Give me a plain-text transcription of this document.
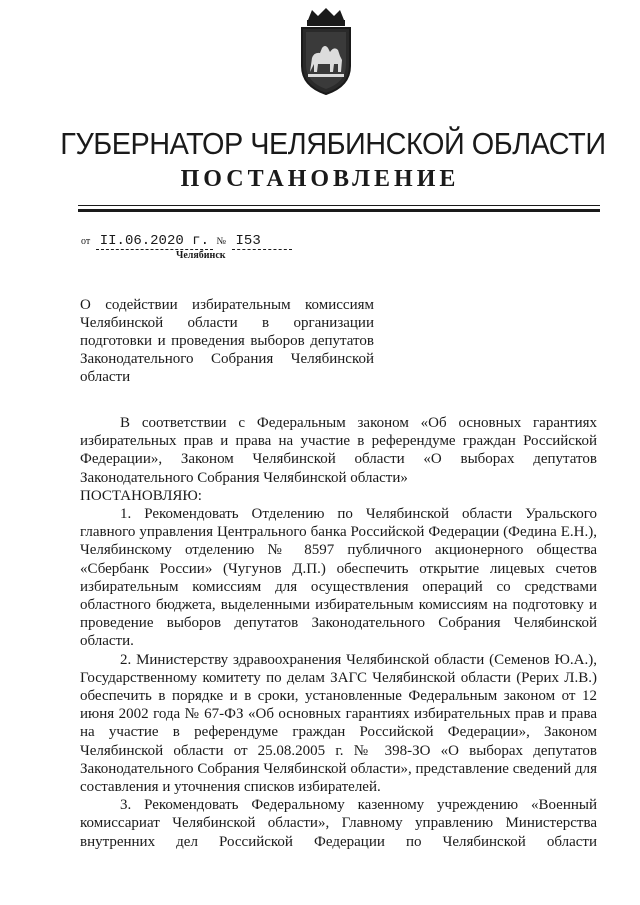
ГУБЕРНАТОР ЧЕЛЯБИНСКОЙ ОБЛАСТИ
ПОСТАНОВЛЕНИЕ
от II.06.2020 г. № I53
Челябинск
О содействии избирательным комиссиям Челябинской области в организации подготовки и проведения выборов депутатов Законодательного Собрания Челябинской области

В соответствии с Федеральным законом «Об основных гарантиях избирательных прав и права на участие в референдуме граждан Российской Федерации», Законом Челябинской области «О выборах депутатов Законодательного Собрания Челябинской области»

ПОСТАНОВЛЯЮ:

1. Рекомендовать Отделению по Челябинской области Уральского главного управления Центрального банка Российской Федерации (Федина Е.Н.), Челябинскому отделению № 8597 публичного акционерного общества «Сбербанк России» (Чугунов Д.П.) обеспечить открытие лицевых счетов избирательным комиссиям для осуществления операций со средствами областного бюджета, выделенными избирательным комиссиям на подготовку и проведение выборов депутатов Законодательного Собрания Челябинской области.

2. Министерству здравоохранения Челябинской области (Семенов Ю.А.), Государственному комитету по делам ЗАГС Челябинской области (Рерих Л.В.) обеспечить в порядке и в сроки, установленные Федеральным законом от 12 июня 2002 года № 67-ФЗ «Об основных гарантиях избирательных прав и права на участие в референдуме граждан Российской Федерации», Законом Челябинской области от 25.08.2005 г. № 398-ЗО «О выборах депутатов Законодательного Собрания Челябинской области», представление сведений для составления и уточнения списков избирателей.

3. Рекомендовать Федеральному казенному учреждению «Военный комиссариат Челябинской области», Главному управлению Министерства внутренних дел Российской Федерации по Челябинской области
